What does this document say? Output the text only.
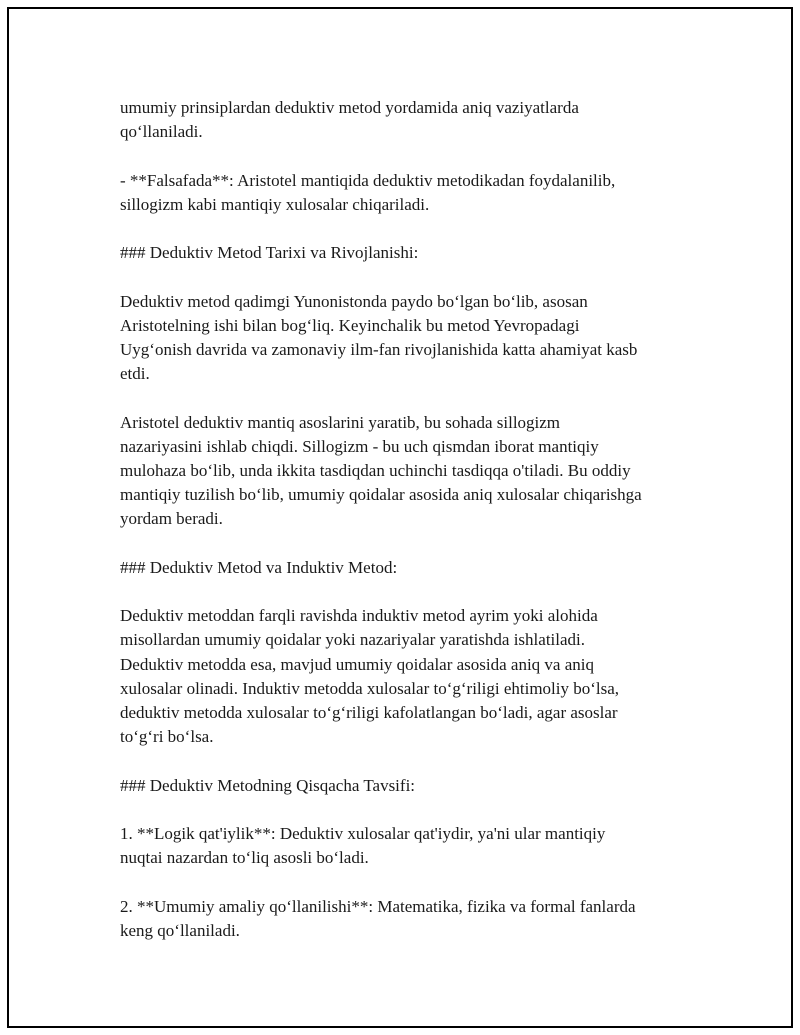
umumiy prinsiplardan deduktiv metod yordamida aniq vaziyatlarda
qo‘llaniladi.

- **Falsafada**: Aristotel mantiqida deduktiv metodikadan foydalanilib,
sillogizm kabi mantiqiy xulosalar chiqariladi.

### Deduktiv Metod Tarixi va Rivojlanishi:

Deduktiv metod qadimgi Yunonistonda paydo bo‘lgan bo‘lib, asosan
Aristotelning ishi bilan bog‘liq. Keyinchalik bu metod Yevropadagi
Uyg‘onish davrida va zamonaviy ilm-fan rivojlanishida katta ahamiyat kasb
etdi.

Aristotel deduktiv mantiq asoslarini yaratib, bu sohada sillogizm
nazariyasini ishlab chiqdi. Sillogizm - bu uch qismdan iborat mantiqiy
mulohaza bo‘lib, unda ikkita tasdiqdan uchinchi tasdiqqa o'tiladi. Bu oddiy
mantiqiy tuzilish bo‘lib, umumiy qoidalar asosida aniq xulosalar chiqarishga
yordam beradi.

### Deduktiv Metod va Induktiv Metod:

Deduktiv metoddan farqli ravishda induktiv metod ayrim yoki alohida
misollardan umumiy qoidalar yoki nazariyalar yaratishda ishlatiladi.
Deduktiv metodda esa, mavjud umumiy qoidalar asosida aniq va aniq
xulosalar olinadi. Induktiv metodda xulosalar to‘g‘riligi ehtimoliy bo‘lsa,
deduktiv metodda xulosalar to‘g‘riligi kafolatlangan bo‘ladi, agar asoslar
to‘g‘ri bo‘lsa.

### Deduktiv Metodning Qisqacha Tavsifi:

1. **Logik qat'iylik**: Deduktiv xulosalar qat'iydir, ya'ni ular mantiqiy
nuqtai nazardan to‘liq asosli bo‘ladi.

2. **Umumiy amaliy qo‘llanilishi**: Matematika, fizika va formal fanlarda
keng qo‘llaniladi.
